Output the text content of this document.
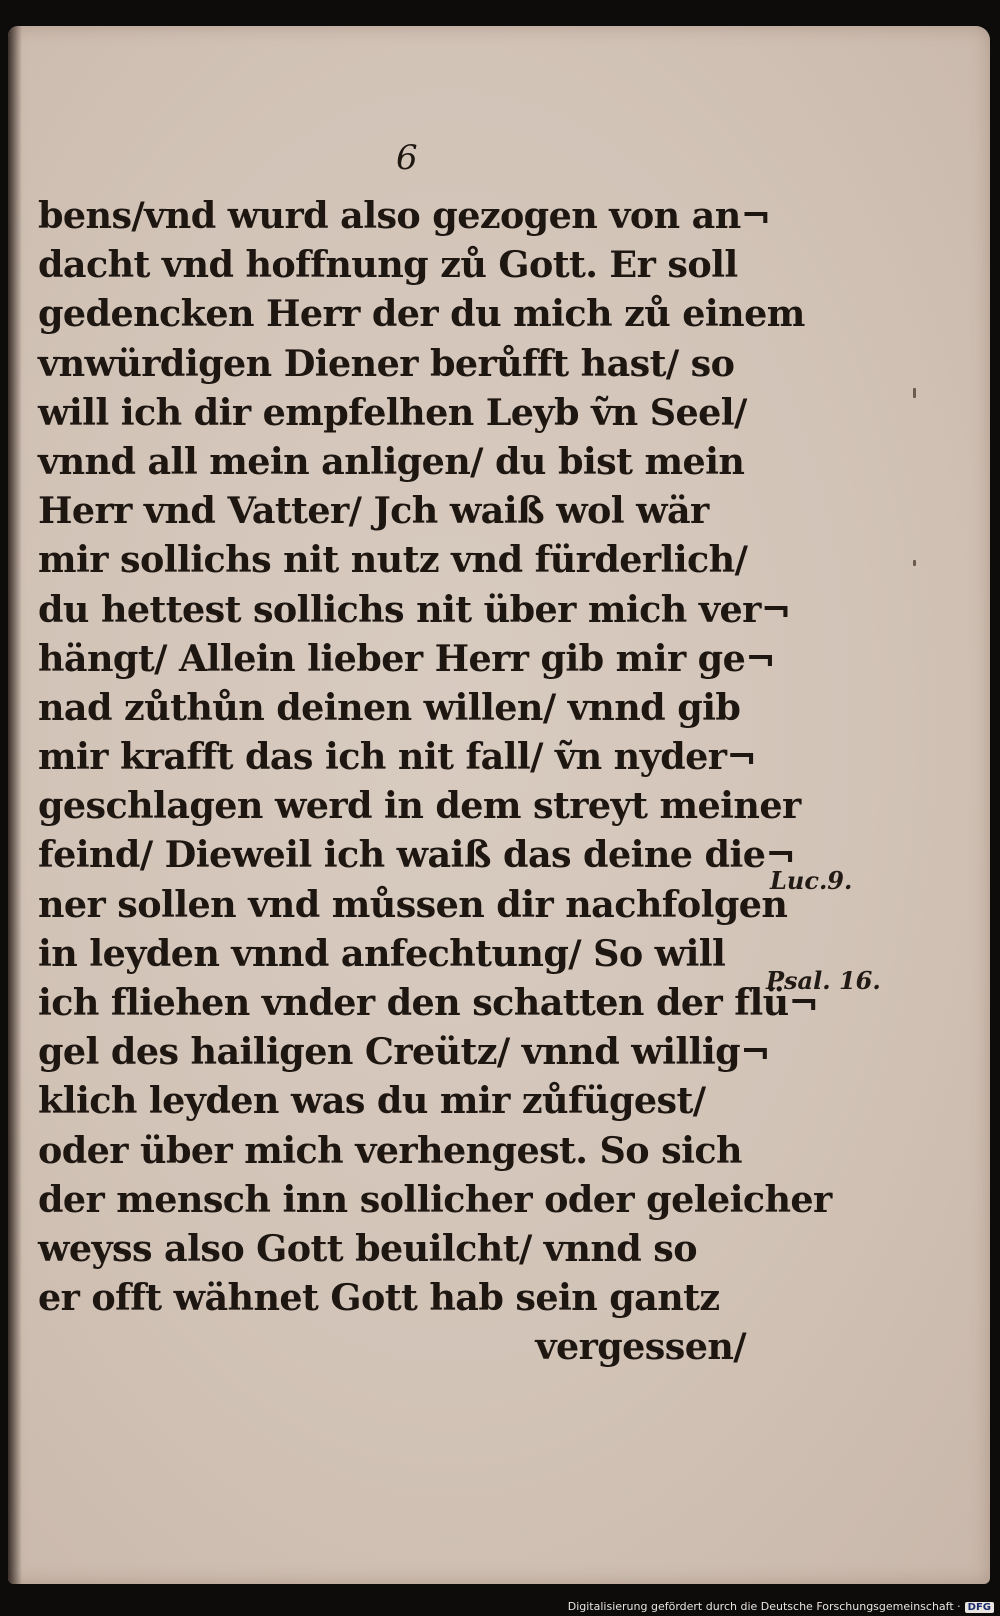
6
bens/vnd wurd also gezogen von an¬
dacht vnd hoffnung zů Gott. Er soll
gedencken Herr der du mich zů einem
vnwürdigen Diener berůfft hast/ so
will ich dir empfelhen Leyb ṽn Seel/
vnnd all mein anligen/ du bist mein
Herr vnd Vatter/ Jch waiß wol wär
mir sollichs nit nutz vnd fürderlich/
du hettest sollichs nit über mich ver¬
hängt/ Allein lieber Herr gib mir ge¬
nad zůthůn deinen willen/ vnnd gib
mir krafft das ich nit fall/ ṽn nyder¬
geschlagen werd in dem streyt meiner
feind/ Dieweil ich waiß das deine die¬
ner sollen vnd můssen dir nachfolgen
in leyden vnnd anfechtung/ So will
ich fliehen vnder den schatten der flü¬
gel des hailigen Creütz/ vnnd willig¬
klich leyden was du mir zůfügest/
oder über mich verhengest. So sich
der mensch inn sollicher oder geleicher
weyss also Gott beuilcht/ vnnd so
er offt wähnet Gott hab sein gantz
vergessen/
Luc.9.
Psal. 16.
Digitalisierung gefördert durch die Deutsche Forschungsgemeinschaft · DFG
